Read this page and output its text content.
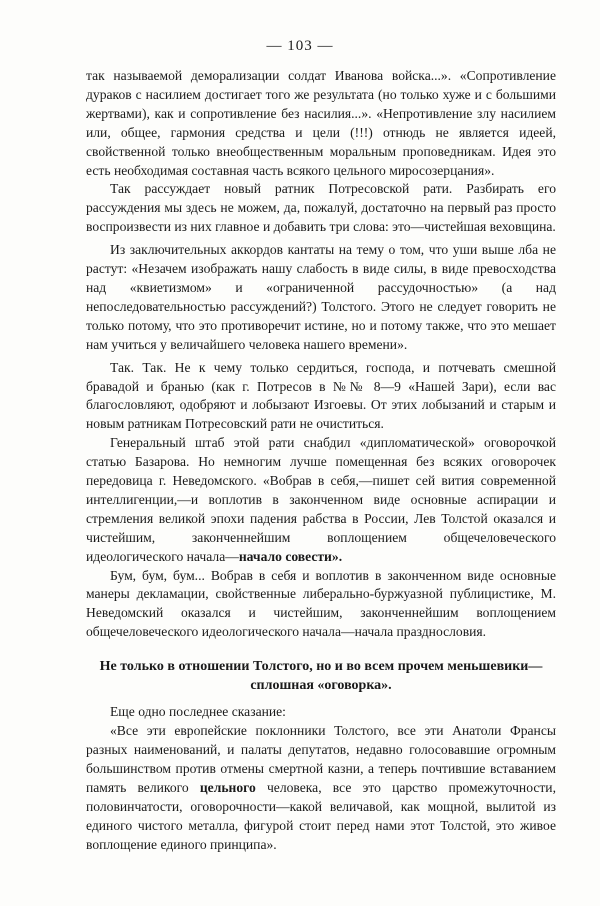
— 103 —

так называемой деморализации солдат Иванова войска...». «Сопротивление дураков с насилием достигает того же результата (но только хуже и с большими жертвами), как и сопротивление без насилия...». «Непротивление злу насилием или, общее, гармония средства и цели (!!!) отнюдь не является идеей, свойственной только внеобщественным моральным проповедникам. Идея это есть необходимая составная часть всякого цельного миросозерцания».

Так рассуждает новый ратник Потресовской рати. Разбирать его рассуждения мы здесь не можем, да, пожалуй, достаточно на первый раз просто воспроизвести из них главное и добавить три слова: это—чистейшая веховщина.

Из заключительных аккордов кантаты на тему о том, что уши выше лба не растут: «Незачем изображать нашу слабость в виде силы, в виде превосходства над «квиетизмом» и «ограниченной рассудочностью» (а над непоследовательностью рассуждений?) Толстого. Этого не следует говорить не только потому, что это противоречит истине, но и потому также, что это мешает нам учиться у величайшего человека нашего времени».

Так. Так. Не к чему только сердиться, господа, и потчевать смешной бравадой и бранью (как г. Потресов в №№ 8—9 «Нашей Зари), если вас благословляют, одобряют и лобызают Изгоевы. От этих лобызаний и старым и новым ратникам Потресовский рати не очиститься.

Генеральный штаб этой рати снабдил «дипломатической» оговорочкой статью Базарова. Но немногим лучше помещенная без всяких оговорочек передовица г. Неведомского. «Вобрав в себя,—пишет сей вития современной интеллигенции,—и воплотив в законченном виде основные аспирации и стремления великой эпохи падения рабства в России, Лев Толстой оказался и чистейшим, законченнейшим воплощением общечеловеческого идеологического начала—начало совести».

Бум, бум, бум... Вобрав в себя и воплотив в законченном виде основные манеры декламации, свойственные либерально-буржуазной публицистике, М. Неведомский оказался и чистейшим, законченнейшим воплощением общечеловеческого идеологического начала—начала празднословия.

Не только в отношении Толстого, но и во всем прочем меньшевики—сплошная «оговорка».

Еще одно последнее сказание:

«Все эти европейские поклонники Толстого, все эти Анатоли Франсы разных наименований, и палаты депутатов, недавно голосовавшие огромным большинством против отмены смертной казни, а теперь почтившие вставанием память великого цельного человека, все это царство промежуточности, половинчатости, оговорочности—какой величавой, как мощной, вылитой из единого чистого металла, фигурой стоит перед нами этот Толстой, это живое воплощение единого принципа».
